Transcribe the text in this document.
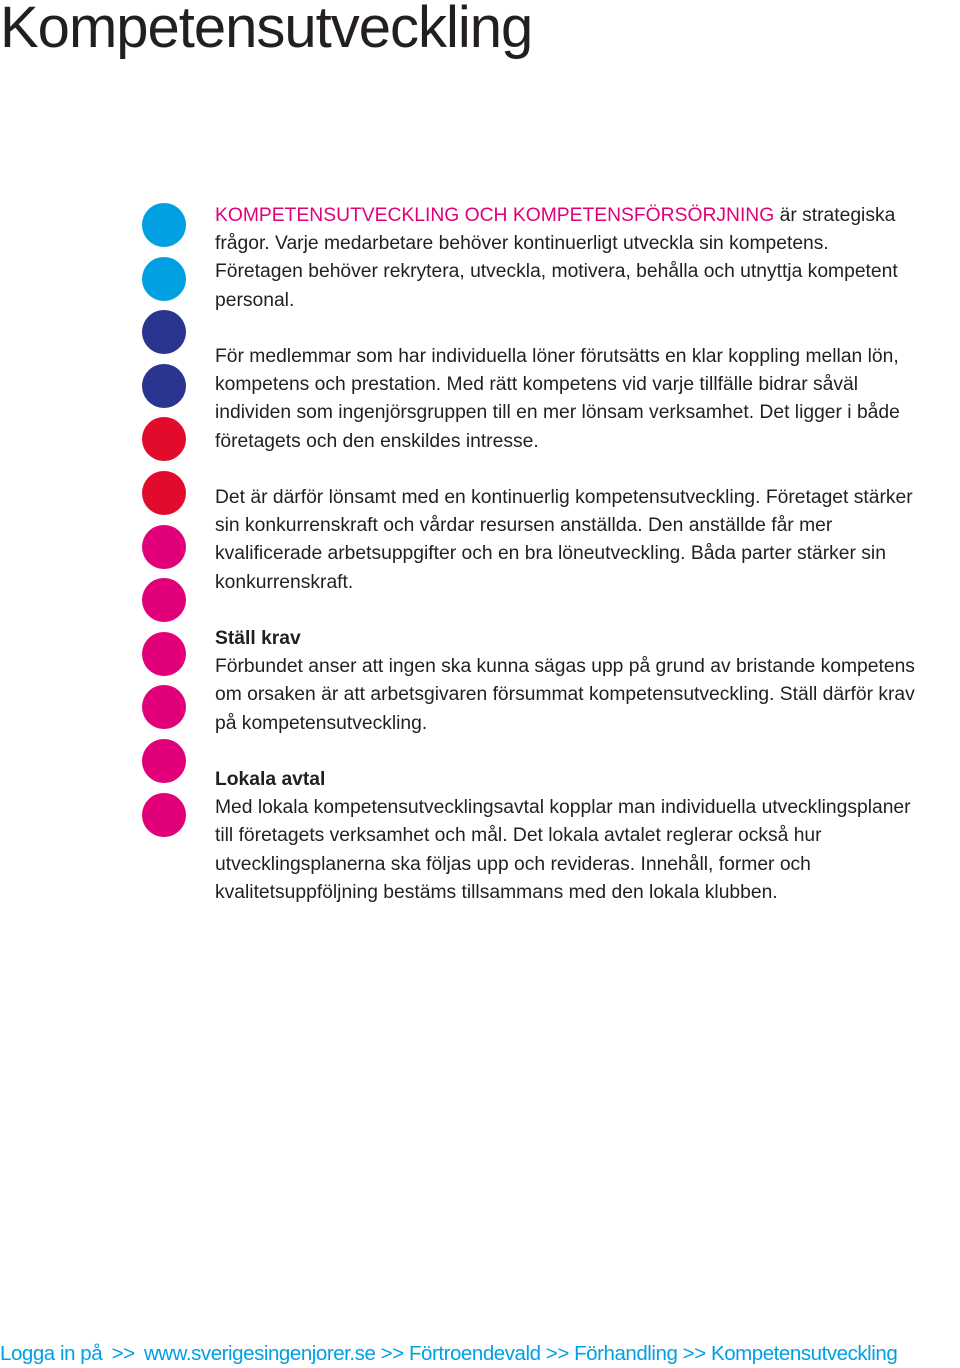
Kompetensutveckling

KOMPETENSUTVECKLING OCH KOMPETENSFÖRSÖRJNING är strategiska frågor. Varje medarbetare behöver kontinuerligt utveckla sin kompetens. Företagen behöver rekrytera, utveckla, motivera, behålla och utnyttja kompetent personal.

För medlemmar som har individuella löner förutsätts en klar koppling mellan lön, kompetens och prestation. Med rätt kompetens vid varje tillfälle bidrar såväl individen som ingenjörsgruppen till en mer lönsam verksamhet. Det ligger i både företagets och den enskildes intresse.

Det är därför lönsamt med en kontinuerlig kompetensutveckling. Företaget stärker sin konkurrenskraft och vårdar resursen anställda. Den anställde får mer kvalificerade arbetsuppgifter och en bra löneutveckling. Båda parter stärker sin konkurrenskraft.

Ställ krav
Förbundet anser att ingen ska kunna sägas upp på grund av bristande kompetens om orsaken är att arbetsgivaren försummat kompetensutveckling. Ställ därför krav på kompetensutveckling.

Lokala avtal
Med lokala kompetensutvecklingsavtal kopplar man individuella utvecklingsplaner till företagets verksamhet och mål. Det lokala avtalet reglerar också hur utvecklingsplanerna ska följas upp och revideras. Innehåll, former och kvalitetsuppföljning bestäms tillsammans med den lokala klubben.

Logga in på >> www.sverigesingenjorer.se >> Förtroendevald >> Förhandling >> Kompetensutveckling
